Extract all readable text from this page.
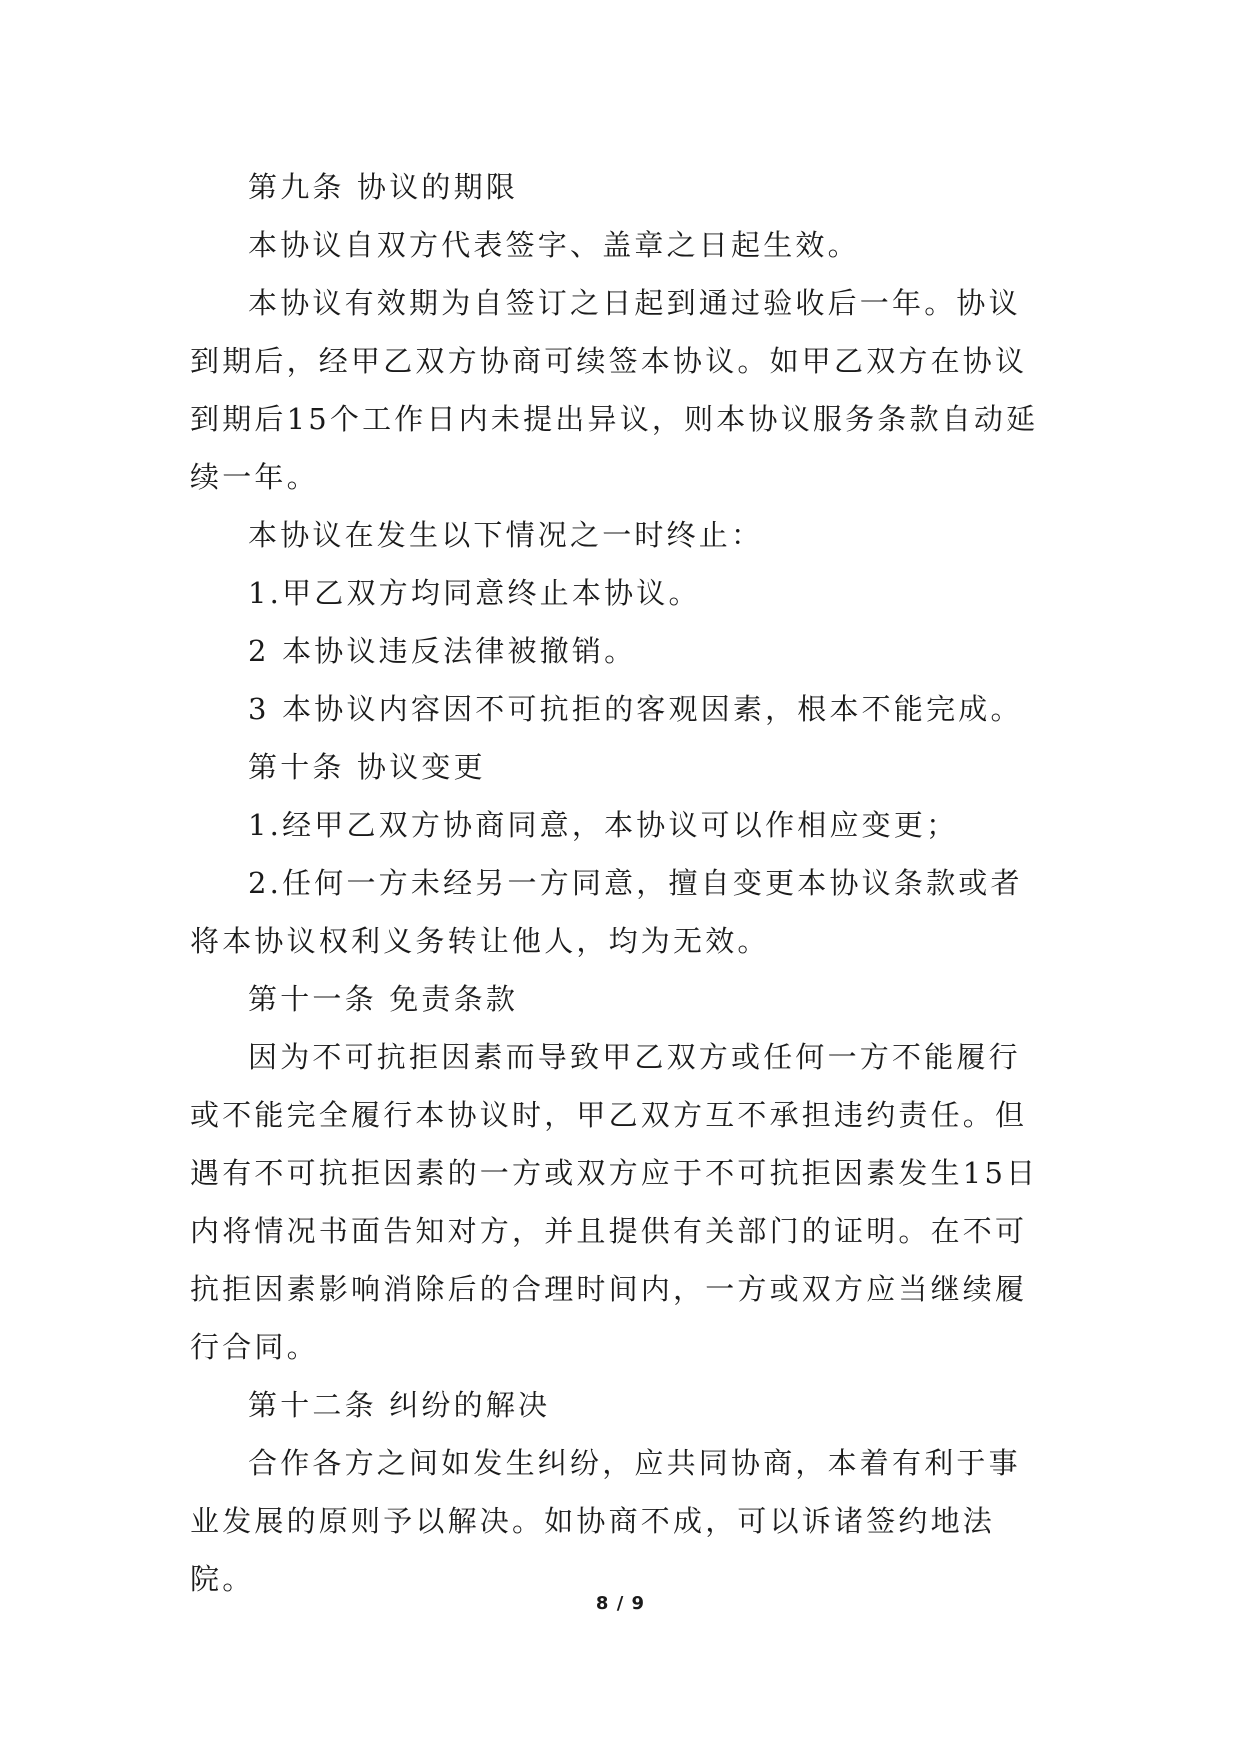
第九条 协议的期限

本协议自双方代表签字、盖章之日起生效。

本协议有效期为自签订之日起到通过验收后一年。协议到期后，经甲乙双方协商可续签本协议。如甲乙双方在协议到期后15个工作日内未提出异议，则本协议服务条款自动延续一年。

本协议在发生以下情况之一时终止：

1.甲乙双方均同意终止本协议。

2 本协议违反法律被撤销。

3 本协议内容因不可抗拒的客观因素，根本不能完成。

第十条 协议变更

1.经甲乙双方协商同意，本协议可以作相应变更；

2.任何一方未经另一方同意，擅自变更本协议条款或者将本协议权利义务转让他人，均为无效。

第十一条 免责条款

因为不可抗拒因素而导致甲乙双方或任何一方不能履行或不能完全履行本协议时，甲乙双方互不承担违约责任。但遇有不可抗拒因素的一方或双方应于不可抗拒因素发生15日内将情况书面告知对方，并且提供有关部门的证明。在不可抗拒因素影响消除后的合理时间内，一方或双方应当继续履行合同。

第十二条 纠纷的解决

合作各方之间如发生纠纷，应共同协商，本着有利于事业发展的原则予以解决。如协商不成，可以诉诸签约地法院。

8 / 9
